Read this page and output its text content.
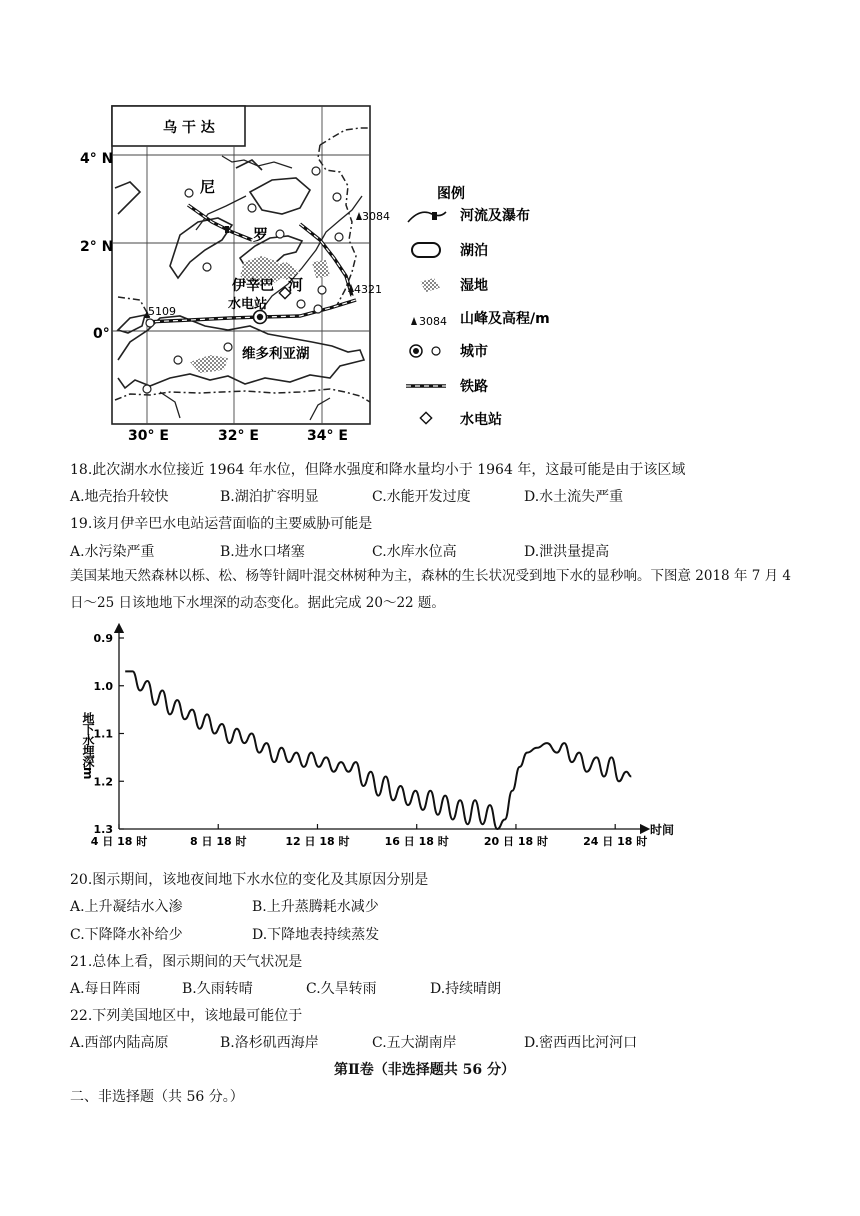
乌 干 达
4° N
2° N
0°
30° E	32° E	34° E
5109
3084
4321
尼
罗
河
伊辛巴
水电站
维多利亚湖
图例
河流及瀑布
湖泊
湿地
3084 山峰及高程/m
城市
铁路
水电站
18.此次湖水水位接近 1964 年水位，但降水强度和降水量均小于 1964 年，这最可能是由于该区域
A.地壳抬升较快	B.湖泊扩容明显	C.水能开发过度	D.水土流失严重
19.该月伊辛巴水电站运营面临的主要威胁可能是
A.水污染严重	B.进水口堵塞	C.水库水位高	D.泄洪量提高
美国某地天然森林以栎、松、杨等针阔叶混交林树种为主，森林的生长状况受到地下水的显秒响。下图意 2018 年 7 月 4 日～25 日该地地下水埋深的动态变化。据此完成 20～22 题。
0.9
1.0
1.1
1.2
1.3
4 日 18 时	8 日 18 时	12 日 18 时	16 日 18 时	20 日 18 时	24 日 18 时
地下水埋深m
时间
20.图示期间，该地夜间地下水水位的变化及其原因分别是
A.上升凝结水入渗	B.上升蒸腾耗水减少
C.下降降水补给少	D.下降地表持续蒸发
21.总体上看，图示期间的天气状况是
A.每日阵雨	B.久雨转晴	C.久旱转雨	D.持续晴朗
22.下列美国地区中，该地最可能位于
A.西部内陆高原	B.洛杉矶西海岸	C.五大湖南岸	D.密西西比河河口
第Ⅱ卷（非选择题共 56 分）
二、非选择题（共 56 分。）
